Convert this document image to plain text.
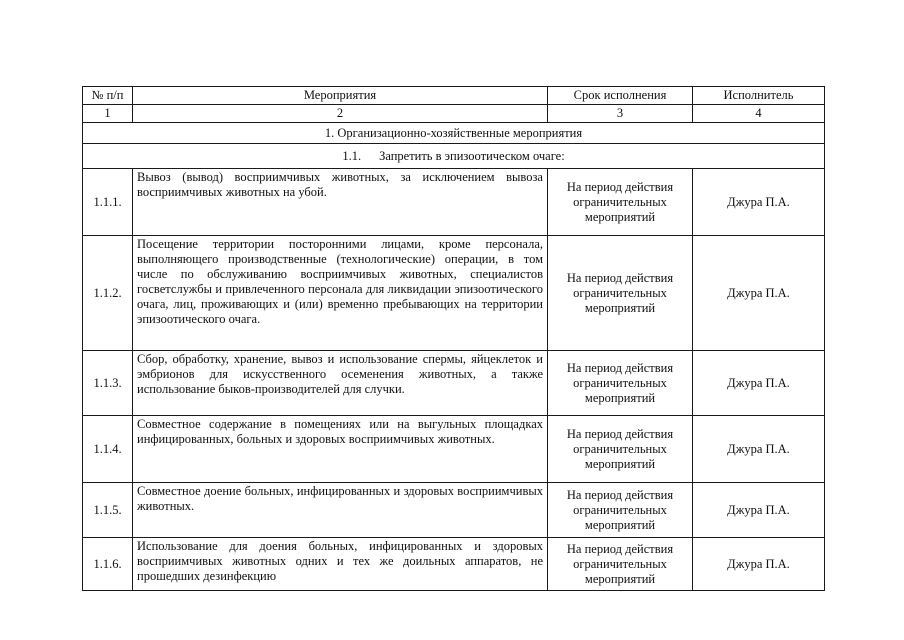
№ п/п	Мероприятия	Срок исполнения	Исполнитель
1	2	3	4
1. Организационно-хозяйственные мероприятия			
1.1. Запретить в эпизоотическом очаге:			
1.1.1.	Вывоз (вывод) восприимчивых животных, за исключением вывоза восприимчивых животных на убой.	На период действия ограничительных мероприятий	Джура П.А.
1.1.2.	Посещение территории посторонними лицами, кроме персонала, выполняющего производственные (технологические) операции, в том числе по обслуживанию восприимчивых животных, специалистов госветслужбы и привлеченного персонала для ликвидации эпизоотического очага, лиц, проживающих и (или) временно пребывающих на территории эпизоотического очага.	На период действия ограничительных мероприятий	Джура П.А.
1.1.3.	Сбор, обработку, хранение, вывоз и использование спермы, яйцеклеток и эмбрионов для искусственного осеменения животных, а также использование быков-производителей для случки.	На период действия ограничительных мероприятий	Джура П.А.
1.1.4.	Совместное содержание в помещениях или на выгульных площадках инфицированных, больных и здоровых восприимчивых животных.	На период действия ограничительных мероприятий	Джура П.А.
1.1.5.	Совместное доение больных, инфицированных и здоровых восприимчивых животных.	На период действия ограничительных мероприятий	Джура П.А.
1.1.6.	Использование для доения больных, инфицированных и здоровых восприимчивых животных одних и тех же доильных аппаратов, не прошедших дезинфекцию	На период действия ограничительных мероприятий	Джура П.А.
